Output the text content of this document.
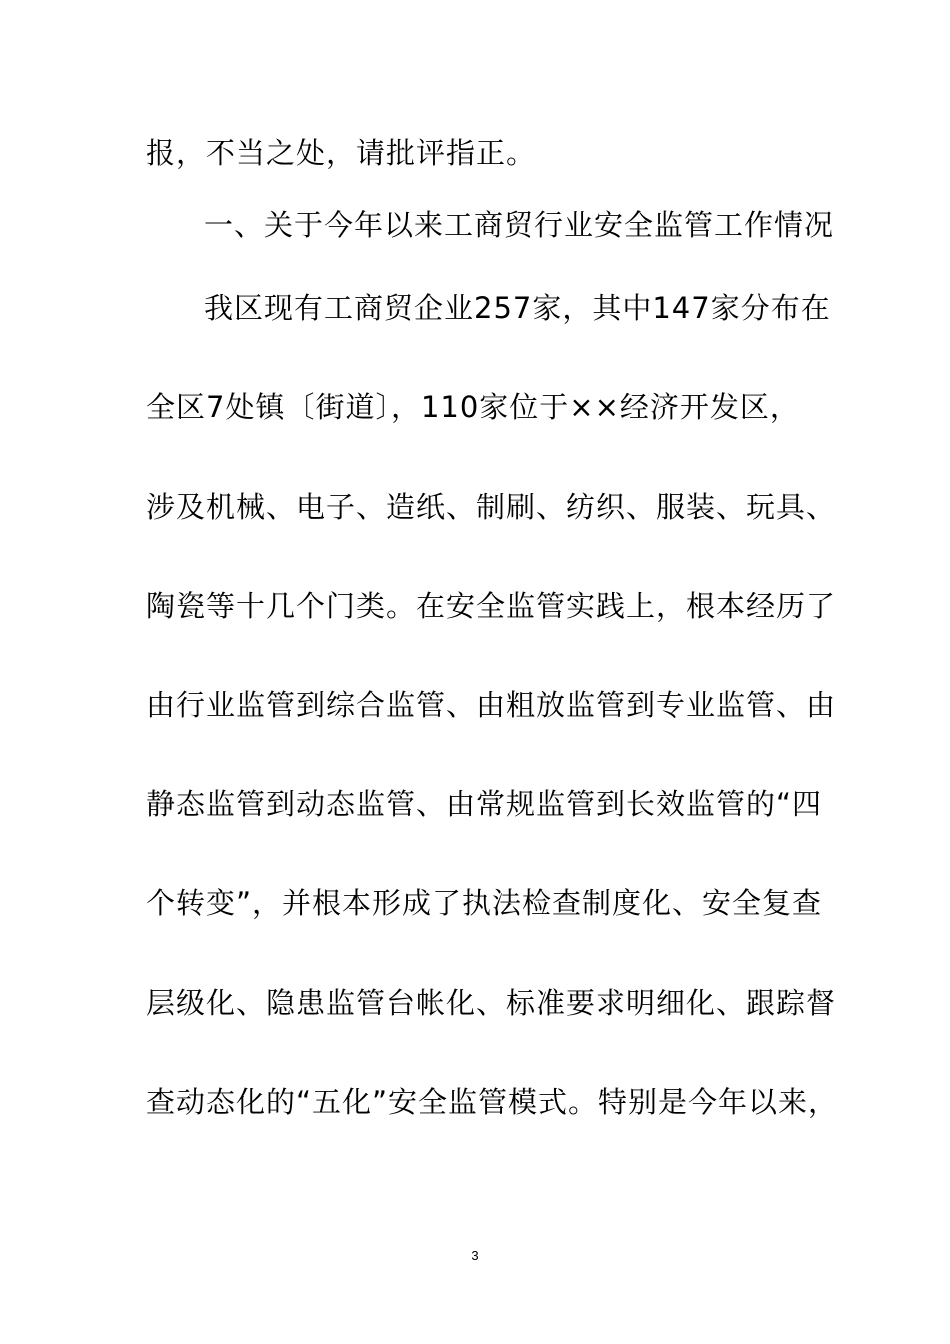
报，不当之处，请批评指正。
一、关于今年以来工商贸行业安全监管工作情况
我区现有工商贸企业257家，其中147家分布在
全区7处镇〔街道〕，110家位于××经济开发区，
涉及机械、电子、造纸、制刷、纺织、服装、玩具、
陶瓷等十几个门类。在安全监管实践上，根本经历了
由行业监管到综合监管、由粗放监管到专业监管、由
静态监管到动态监管、由常规监管到长效监管的“四
个转变”，并根本形成了执法检查制度化、安全复查
层级化、隐患监管台帐化、标准要求明细化、跟踪督
查动态化的“五化”安全监管模式。特别是今年以来，
3
